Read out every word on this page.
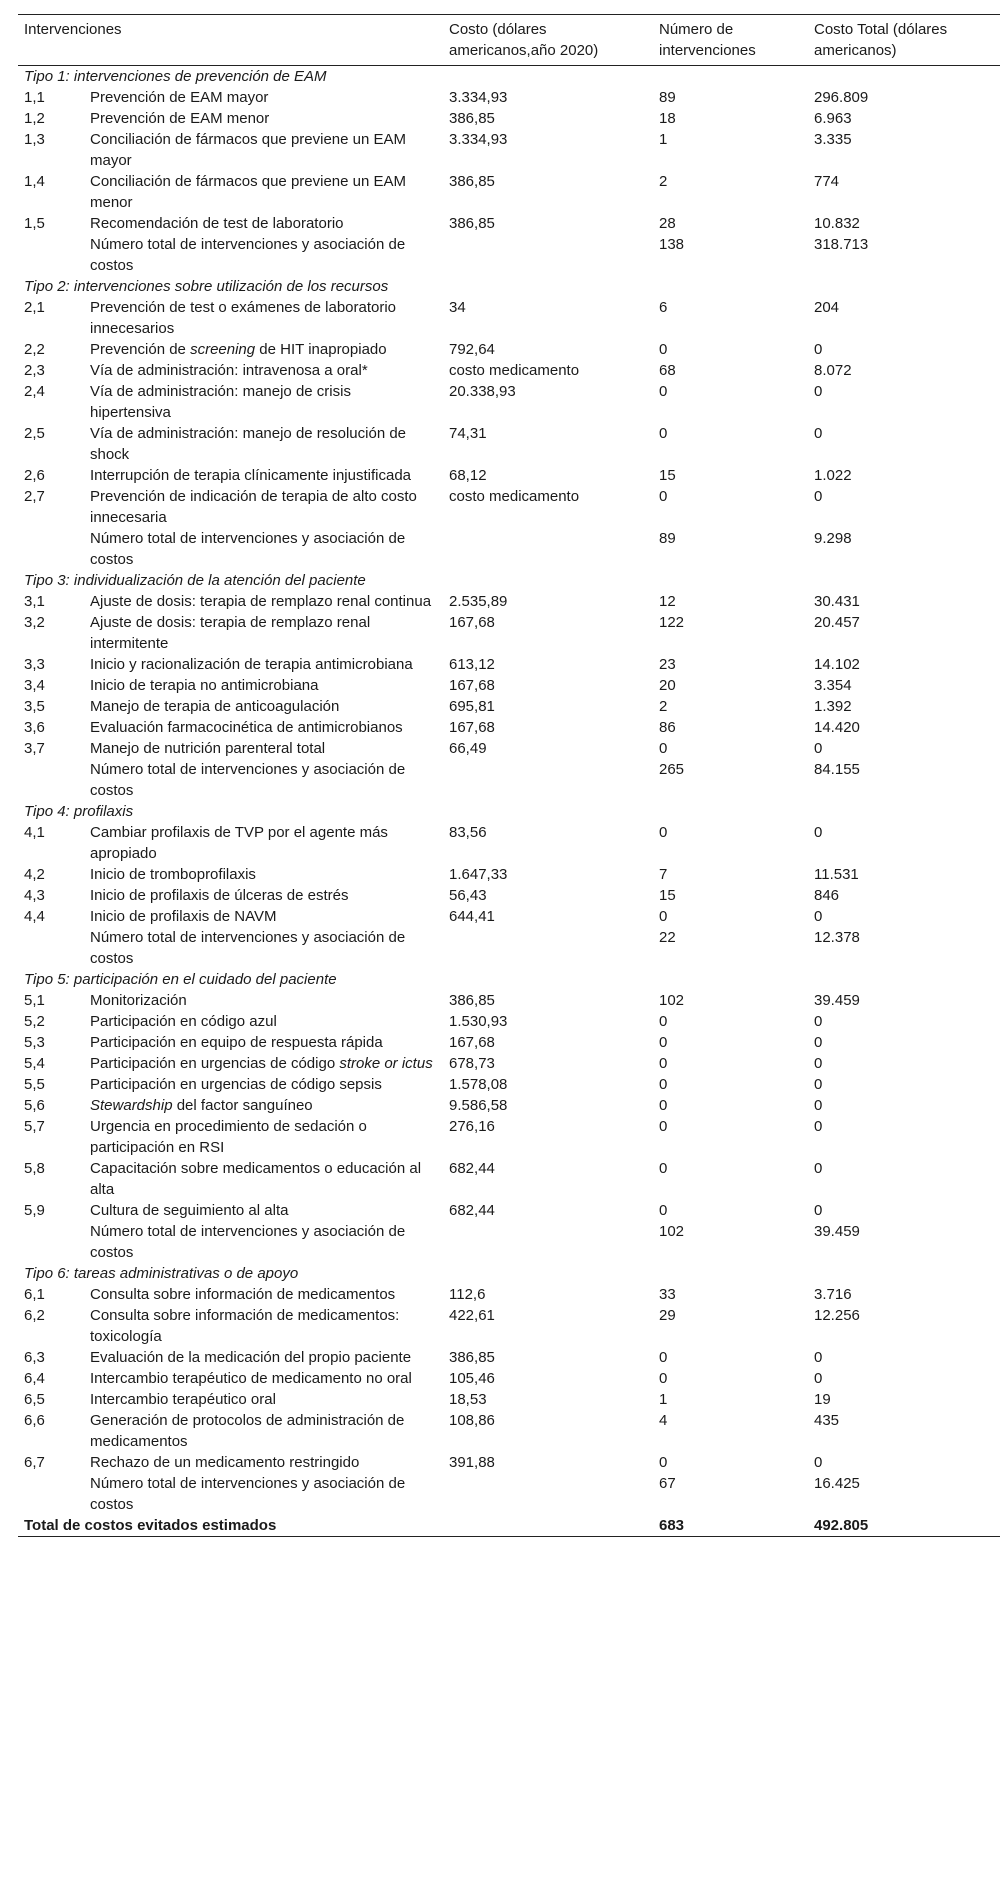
Intervenciones		Costo (dólares americanos,año 2020)	Número de intervenciones	Costo Total (dólares americanos)
Tipo 1: intervenciones de prevención de EAM				
1,1	Prevención de EAM mayor	3.334,93	89	296.809
1,2	Prevención de EAM menor	386,85	18	6.963
1,3	Conciliación de fármacos que previene un EAM mayor	3.334,93	1	3.335
1,4	Conciliación de fármacos que previene un EAM menor	386,85	2	774
1,5	Recomendación de test de laboratorio	386,85	28	10.832
	Número total de intervenciones y asociación de costos		138	318.713
Tipo 2: intervenciones sobre utilización de los recursos				
2,1	Prevención de test o exámenes de laboratorio innecesarios	34	6	204
2,2	Prevención de screening de HIT inapropiado	792,64	0	0
2,3	Vía de administración: intravenosa a oral*	costo medicamento	68	8.072
2,4	Vía de administración: manejo de crisis hipertensiva	20.338,93	0	0
2,5	Vía de administración: manejo de resolución de shock	74,31	0	0
2,6	Interrupción de terapia clínicamente injustificada	68,12	15	1.022
2,7	Prevención de indicación de terapia de alto costo innecesaria	costo medicamento	0	0
	Número total de intervenciones y asociación de costos		89	9.298
Tipo 3: individualización de la atención del paciente				
3,1	Ajuste de dosis: terapia de remplazo renal continua	2.535,89	12	30.431
3,2	Ajuste de dosis: terapia de remplazo renal intermitente	167,68	122	20.457
3,3	Inicio y racionalización de terapia antimicrobiana	613,12	23	14.102
3,4	Inicio de terapia no antimicrobiana	167,68	20	3.354
3,5	Manejo de terapia de anticoagulación	695,81	2	1.392
3,6	Evaluación farmacocinética de antimicrobianos	167,68	86	14.420
3,7	Manejo de nutrición parenteral total	66,49	0	0
	Número total de intervenciones y asociación de costos		265	84.155
Tipo 4: profilaxis				
4,1	Cambiar profilaxis de TVP por el agente más apropiado	83,56	0	0
4,2	Inicio de tromboprofilaxis	1.647,33	7	11.531
4,3	Inicio de profilaxis de úlceras de estrés	56,43	15	846
4,4	Inicio de profilaxis de NAVM	644,41	0	0
	Número total de intervenciones y asociación de costos		22	12.378
Tipo 5: participación en el cuidado del paciente				
5,1	Monitorización	386,85	102	39.459
5,2	Participación en código azul	1.530,93	0	0
5,3	Participación en equipo de respuesta rápida	167,68	0	0
5,4	Participación en urgencias de código stroke or ictus	678,73	0	0
5,5	Participación en urgencias de código sepsis	1.578,08	0	0
5,6	Stewardship del factor sanguíneo	9.586,58	0	0
5,7	Urgencia en procedimiento de sedación o participación en RSI	276,16	0	0
5,8	Capacitación sobre medicamentos o educación al alta	682,44	0	0
5,9	Cultura de seguimiento al alta	682,44	0	0
	Número total de intervenciones y asociación de costos		102	39.459
Tipo 6: tareas administrativas o de apoyo				
6,1	Consulta sobre información de medicamentos	112,6	33	3.716
6,2	Consulta sobre información de medicamentos: toxicología	422,61	29	12.256
6,3	Evaluación de la medicación del propio paciente	386,85	0	0
6,4	Intercambio terapéutico de medicamento no oral	105,46	0	0
6,5	Intercambio terapéutico oral	18,53	1	19
6,6	Generación de protocolos de administración de medicamentos	108,86	4	435
6,7	Rechazo de un medicamento restringido	391,88	0	0
	Número total de intervenciones y asociación de costos		67	16.425
Total de costos evitados estimados			683	492.805
